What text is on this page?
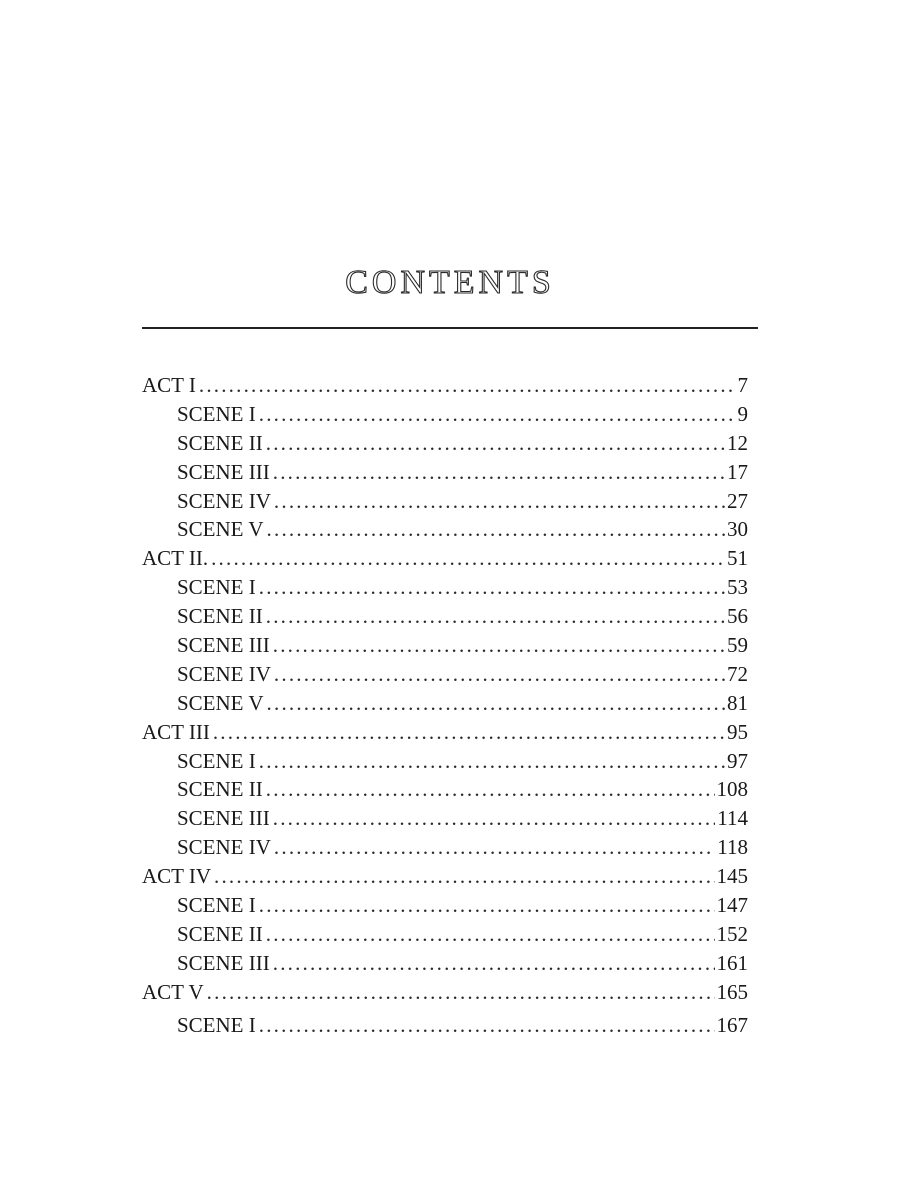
CONTENTS
ACT I .....	7
SCENE I .....	9
SCENE II .....	12
SCENE III .....	17
SCENE IV .....	27
SCENE V .....	30
ACT II. .....	51
SCENE I .....	53
SCENE II .....	56
SCENE III .....	59
SCENE IV .....	72
SCENE V .....	81
ACT III .....	95
SCENE I .....	97
SCENE II .....	108
SCENE III .....	114
SCENE IV .....	118
ACT IV .....	145
SCENE I .....	147
SCENE II .....	152
SCENE III .....	161
ACT V .....	165
SCENE I .....	167
